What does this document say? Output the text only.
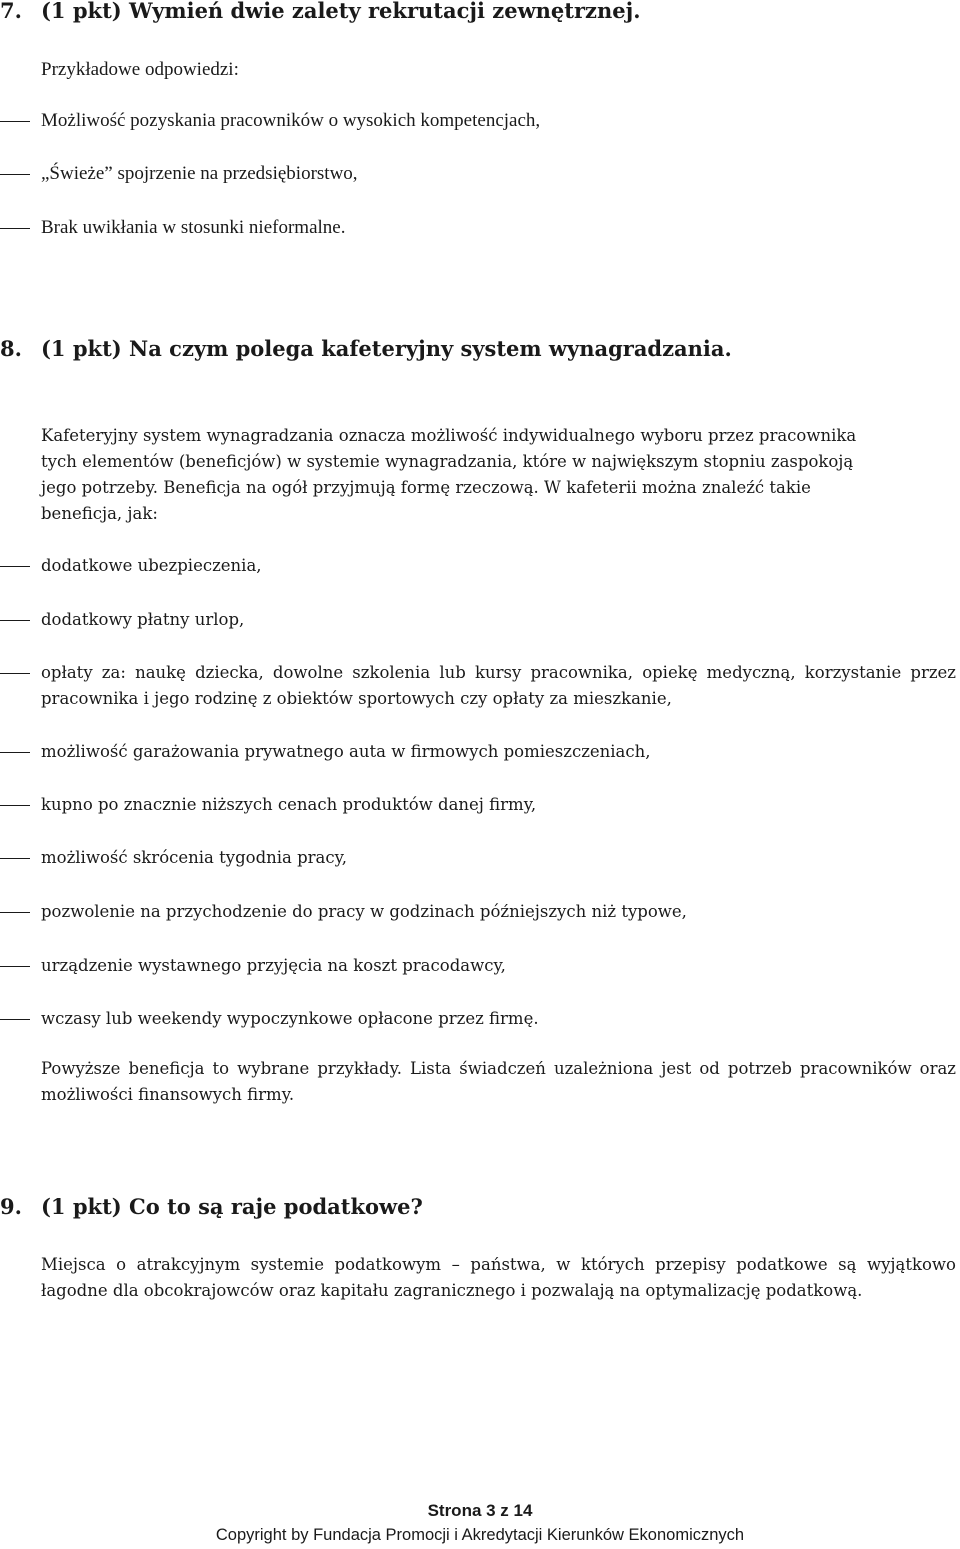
7. (1 pkt) Wymień dwie zalety rekrutacji zewnętrznej.
Przykładowe odpowiedzi:
Możliwość pozyskania pracowników o wysokich kompetencjach,
„Świeże” spojrzenie na przedsiębiorstwo,
Brak uwikłania w stosunki nieformalne.
8. (1 pkt) Na czym polega kafeteryjny system wynagradzania.
Kafeteryjny system wynagradzania oznacza możliwość indywidualnego wyboru przez pracownika
tych elementów (beneficjów) w systemie wynagradzania, które w największym stopniu zaspokoją
jego potrzeby. Beneficja na ogół przyjmują formę rzeczową. W kafeterii można znaleźć takie
beneficja, jak:
dodatkowe ubezpieczenia,
dodatkowy płatny urlop,
opłaty za: naukę dziecka, dowolne szkolenia lub kursy pracownika, opiekę medyczną, korzystanie przez pracownika i jego rodzinę z obiektów sportowych czy opłaty za mieszkanie,
możliwość garażowania prywatnego auta w firmowych pomieszczeniach,
kupno po znacznie niższych cenach produktów danej firmy,
możliwość skrócenia tygodnia pracy,
pozwolenie na przychodzenie do pracy w godzinach późniejszych niż typowe,
urządzenie wystawnego przyjęcia na koszt pracodawcy,
wczasy lub weekendy wypoczynkowe opłacone przez firmę.
Powyższe beneficja to wybrane przykłady. Lista świadczeń uzależniona jest od potrzeb pracowników oraz możliwości finansowych firmy.
9. (1 pkt) Co to są raje podatkowe?
Miejsca o atrakcyjnym systemie podatkowym – państwa, w których przepisy podatkowe są wyjątkowo łagodne dla obcokrajowców oraz kapitału zagranicznego i pozwalają na optymalizację podatkową.
Strona 3 z 14
Copyright by Fundacja Promocji i Akredytacji Kierunków Ekonomicznych
